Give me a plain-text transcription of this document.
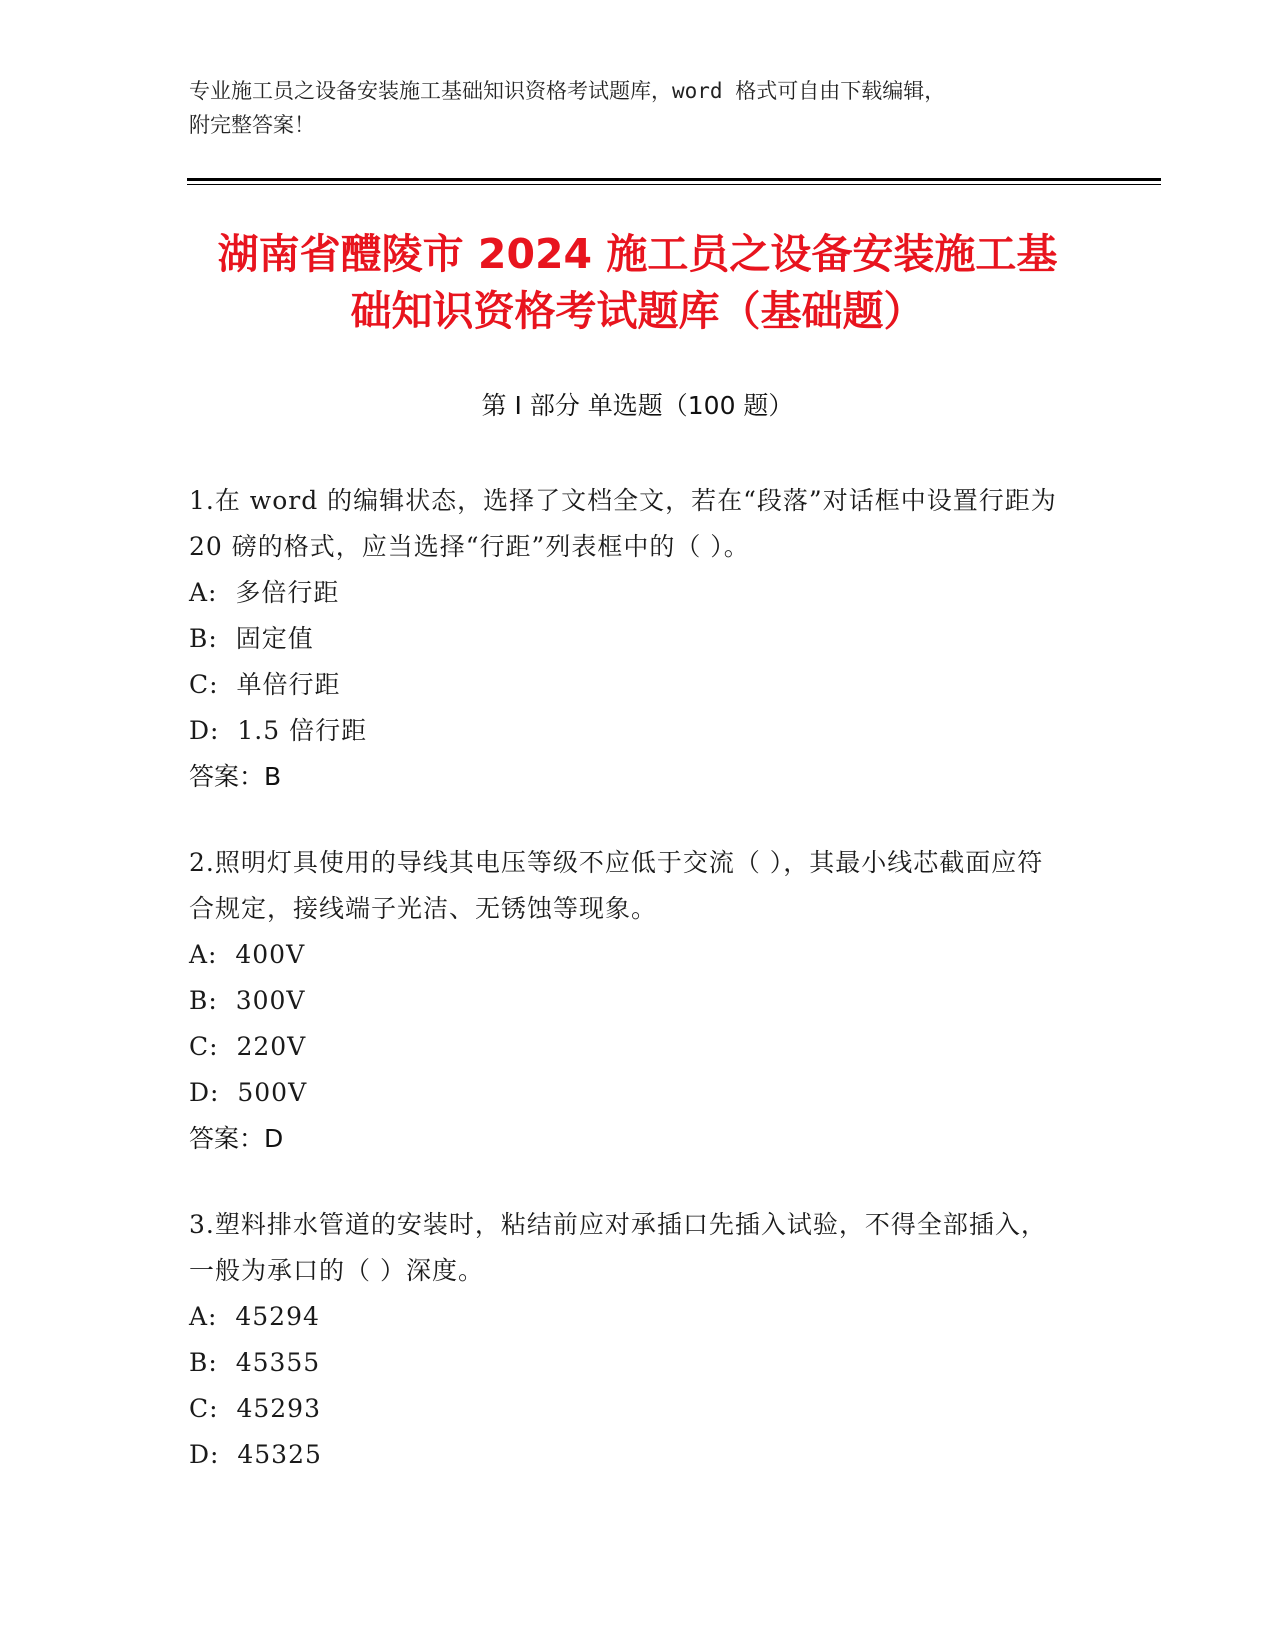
专业施工员之设备安装施工基础知识资格考试题库，word 格式可自由下载编辑，
附完整答案！
湖南省醴陵市 2024 施工员之设备安装施工基
础知识资格考试题库（基础题）
第 I 部分 单选题（100 题）
1.在 word 的编辑状态，选择了文档全文，若在“段落”对话框中设置行距为 20 磅的格式，应当选择“行距”列表框中的（ ）。
A:  多倍行距
B:  固定值
C:  单倍行距
D:  1.5 倍行距
答案：B
2.照明灯具使用的导线其电压等级不应低于交流（ ），其最小线芯截面应符合规定，接线端子光洁、无锈蚀等现象。
A:  400V
B:  300V
C:  220V
D:  500V
答案：D
3.塑料排水管道的安装时，粘结前应对承插口先插入试验，不得全部插入，一般为承口的（ ）深度。
A:  45294
B:  45355
C:  45293
D:  45325
